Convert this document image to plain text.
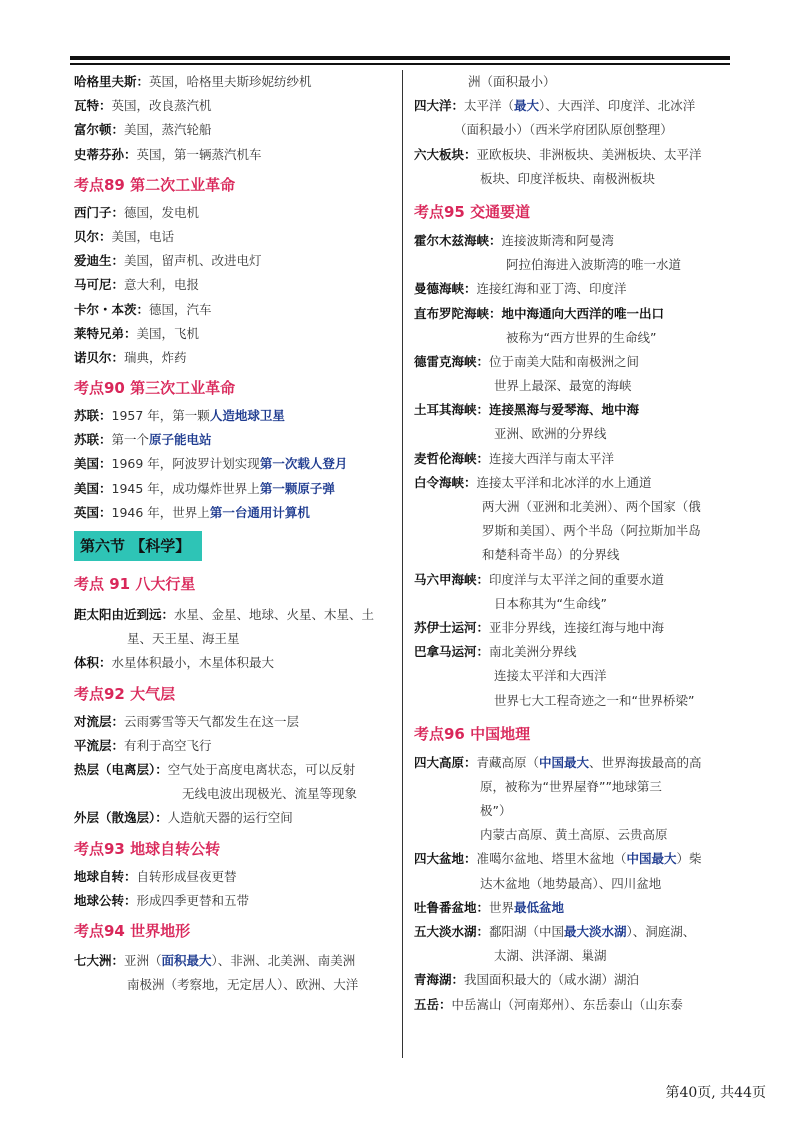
哈格里夫斯：英国，哈格里夫斯珍妮纺纱机
瓦特：英国，改良蒸汽机
富尔顿：美国，蒸汽轮船
史蒂芬孙：英国，第一辆蒸汽机车
考点89 第二次工业革命
西门子：德国，发电机
贝尔：美国，电话
爱迪生：美国，留声机、改进电灯
马可尼：意大利，电报
卡尔・本茨：德国，汽车
莱特兄弟：美国，飞机
诺贝尔：瑞典，炸药
考点90 第三次工业革命
苏联：1957 年，第一颗人造地球卫星
苏联：第一个原子能电站
美国：1969 年，阿波罗计划实现第一次载人登月
美国：1945 年，成功爆炸世界上第一颗原子弹
英国：1946 年，世界上第一台通用计算机
第六节 【科学】
考点 91 八大行星
距太阳由近到远：水星、金星、地球、火星、木星、土
星、天王星、海王星
体积：水星体积最小，木星体积最大
考点92 大气层
对流层：云雨雾雪等天气都发生在这一层
平流层：有利于高空飞行
热层（电离层）：空气处于高度电离状态，可以反射
无线电波出现极光、流星等现象
外层（散逸层）：人造航天器的运行空间
考点93 地球自转公转
地球自转：自转形成昼夜更替
地球公转：形成四季更替和五带
考点94 世界地形
七大洲：亚洲（面积最大）、非洲、北美洲、南美洲
南极洲（考察地，无定居人）、欧洲、大洋
洲（面积最小）
四大洋：太平洋（最大）、大西洋、印度洋、北冰洋
（面积最小）（西米学府团队原创整理）
六大板块：亚欧板块、非洲板块、美洲板块、太平洋
板块、印度洋板块、南极洲板块
考点95 交通要道
霍尔木兹海峡：连接波斯湾和阿曼湾
阿拉伯海进入波斯湾的唯一水道
曼德海峡：连接红海和亚丁湾、印度洋
直布罗陀海峡：地中海通向大西洋的唯一出口
被称为“西方世界的生命线”
德雷克海峡：位于南美大陆和南极洲之间
世界上最深、最宽的海峡
土耳其海峡：连接黑海与爱琴海、地中海
亚洲、欧洲的分界线
麦哲伦海峡：连接大西洋与南太平洋
白令海峡：连接太平洋和北冰洋的水上通道
两大洲（亚洲和北美洲）、两个国家（俄
罗斯和美国）、两个半岛（阿拉斯加半岛
和楚科奇半岛）的分界线
马六甲海峡：印度洋与太平洋之间的重要水道
日本称其为“生命线”
苏伊士运河：亚非分界线，连接红海与地中海
巴拿马运河：南北美洲分界线
连接太平洋和大西洋
世界七大工程奇迹之一和“世界桥梁”
考点96 中国地理
四大高原：青藏高原（中国最大、世界海拔最高的高
原，被称为“世界屋脊””地球第三
极”）
内蒙古高原、黄土高原、云贵高原
四大盆地：准噶尔盆地、塔里木盆地（中国最大）柴
达木盆地（地势最高）、四川盆地
吐鲁番盆地：世界最低盆地
五大淡水湖：鄱阳湖（中国最大淡水湖）、洞庭湖、
太湖、洪泽湖、巢湖
青海湖：我国面积最大的（咸水湖）湖泊
五岳：中岳嵩山（河南郑州）、东岳泰山（山东泰
第40页, 共44页
